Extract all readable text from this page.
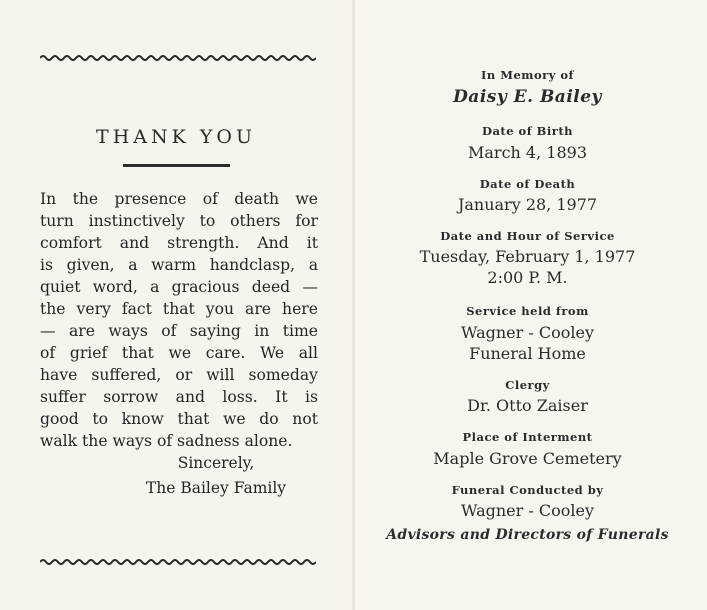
THANK YOU

In the presence of death we
turn instinctively to others for
comfort and strength. And it
is given, a warm handclasp, a
quiet word, a gracious deed —
the very fact that you are here
— are ways of saying in time
of grief that we care. We all
have suffered, or will someday
suffer sorrow and loss. It is
good to know that we do not
walk the ways of sadness alone.

Sincerely,
The Bailey Family
In Memory of
Daisy E. Bailey
Date of Birth
March 4, 1893
Date of Death
January 28, 1977
Date and Hour of Service
Tuesday, February 1, 1977
2:00 P. M.
Service held from
Wagner - Cooley
Funeral Home
Clergy
Dr. Otto Zaiser
Place of Interment
Maple Grove Cemetery
Funeral Conducted by
Wagner - Cooley
Advisors and Directors of Funerals
